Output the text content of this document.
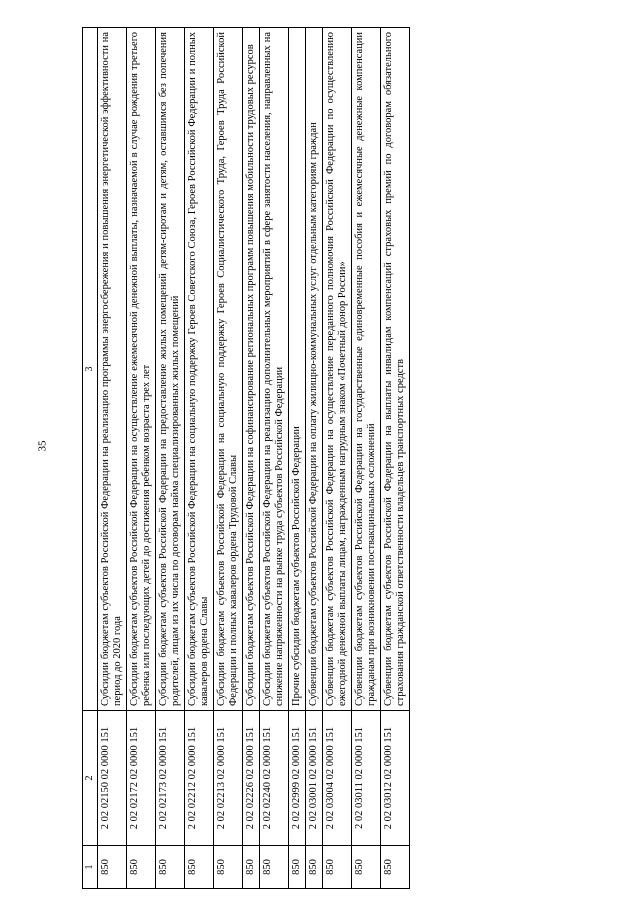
35
1	2	3
850	2 02 02150 02 0000 151	Субсидии бюджетам субъектов Российской Федерации на реализацию программы энергосбережения и повышения энергетической эффективности на период до 2020 года
850	2 02 02172 02 0000 151	Субсидии бюджетам субъектов Российской Федерации на осуществление ежемесячной денежной выплаты, назначаемой в случае рождения третьего ребенка или последующих детей до достижения ребенком возраста трех лет
850	2 02 02173 02 0000 151	Субсидии бюджетам субъектов Российской Федерации на предоставление жилых помещений детям-сиротам и детям, оставшимся без попечения родителей, лицам из их числа по договорам найма специализированных жилых помещений
850	2 02 02212 02 0000 151	Субсидии бюджетам субъектов Российской Федерации на социальную поддержку Героев Советского Союза, Героев Российской Федерации и полных кавалеров ордена Славы
850	2 02 02213 02 0000 151	Субсидии бюджетам субъектов Российской Федерации на социальную поддержку Героев Социалистического Труда, Героев Труда Российской Федерации и полных кавалеров ордена Трудовой Славы
850	2 02 02226 02 0000 151	Субсидии бюджетам субъектов Российской Федерации на софинансирование региональных программ повышения мобильности трудовых ресурсов
850	2 02 02240 02 0000 151	Субсидии бюджетам субъектов Российской Федерации на реализацию дополнительных мероприятий в сфере занятости населения, направленных на снижение напряженности на рынке труда субъектов Российской Федерации
850	2 02 02999 02 0000 151	Прочие субсидии бюджетам субъектов Российской Федерации
850	2 02 03001 02 0000 151	Субвенции бюджетам субъектов Российской Федерации на оплату жилищно-коммунальных услуг отдельным категориям граждан
850	2 02 03004 02 0000 151	Субвенции бюджетам субъектов Российской Федерации на осуществление переданного полномочия Российской Федерации по осуществлению ежегодной денежной выплаты лицам, награжденным нагрудным знаком «Почетный донор России»
850	2 02 03011 02 0000 151	Субвенции бюджетам субъектов Российской Федерации на государственные единовременные пособия и ежемесячные денежные компенсации гражданам при возникновении поствакцинальных осложнений
850	2 02 03012 02 0000 151	Субвенции бюджетам субъектов Российской Федерации на выплаты инвалидам компенсаций страховых премий по договорам обязательного страхования гражданской ответственности владельцев транспортных средств
